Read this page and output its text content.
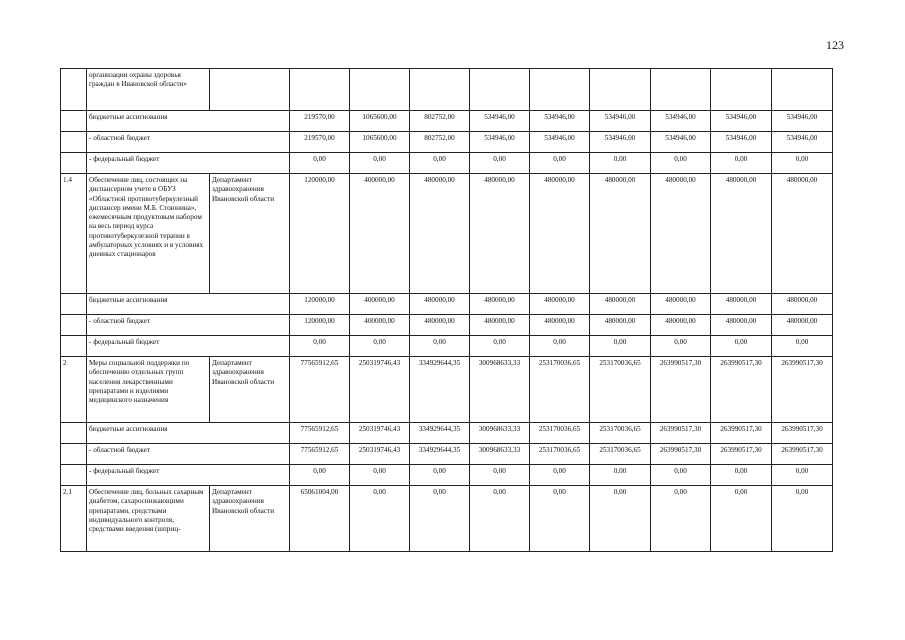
123
	организации охраны здоровья граждан в Ивановской области»										
	бюджетные ассигнования		219570,00	1065600,00	802752,00	534946,00	534946,00	534946,00	534946,00	534946,00	534946,00
	- областной бюджет		219570,00	1065600,00	802752,00	534946,00	534946,00	534946,00	534946,00	534946,00	534946,00
	- федеральный бюджет		0,00	0,00	0,00	0,00	0,00	0,00	0,00	0,00	0,00
1.4	Обеспечение лиц, состоящих на диспансерном учете в ОБУЗ «Областной противотуберкулезный диспансер имени М.Б. Стоюнина», ежемесячным продуктовым набором на весь период курса противотуберкулезной терапии в амбулаторных условиях и в условиях дневных стационаров	Департамент здравоохранения Ивановской области	120000,00	400000,00	480000,00	480000,00	480000,00	480000,00	480000,00	480000,00	480000,00
	бюджетные ассигнования		120000,00	400000,00	480000,00	480000,00	480000,00	480000,00	480000,00	480000,00	480000,00
	- областной бюджет		120000,00	400000,00	480000,00	480000,00	480000,00	480000,00	480000,00	480000,00	480000,00
	- федеральный бюджет		0,00	0,00	0,00	0,00	0,00	0,00	0,00	0,00	0,00
2	Меры социальной поддержки по обеспечению отдельных групп населения лекарственными препаратами и изделиями медицинского назначения	Департамент здравоохранения Ивановской области	77565912,65	250319746,43	334929644,35	300968633,33	253170036,65	253170036,65	263990517,30	263990517,30	263990517,30
	бюджетные ассигнования		77565912,65	250319746,43	334929644,35	300968633,33	253170036,65	253170036,65	263990517,30	263990517,30	263990517,30
	- областной бюджет		77565912,65	250319746,43	334929644,35	300968633,33	253170036,65	253170036,65	263990517,30	263990517,30	263990517,30
	- федеральный бюджет		0,00	0,00	0,00	0,00	0,00	0,00	0,00	0,00	0,00
2.1	Обеспечение лиц, больных сахарным диабетом, сахароснижающими препаратами, средствами индивидуального контроля, средствами введения (шприц-	Департамент здравоохранения Ивановской области	65061004,00	0,00	0,00	0,00	0,00	0,00	0,00	0,00	0,00
